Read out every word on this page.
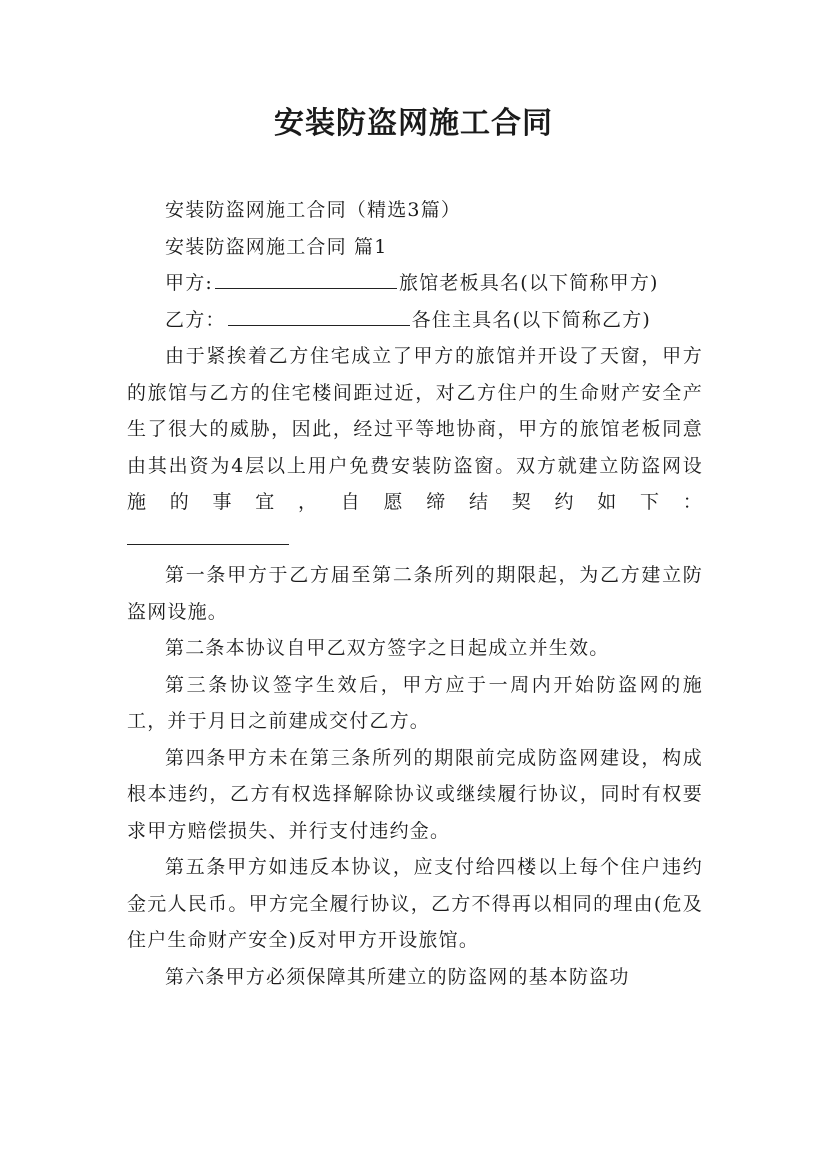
安装防盗网施工合同

安装防盗网施工合同（精选3篇）

安装防盗网施工合同 篇1

甲方:	旅馆老板具名(以下简称甲方)

乙方：	各住主具名(以下简称乙方)

由于紧挨着乙方住宅成立了甲方的旅馆并开设了天窗，甲方的旅馆与乙方的住宅楼间距过近，对乙方住户的生命财产安全产生了很大的威胁，因此，经过平等地协商，甲方的旅馆老板同意由其出资为4层以上用户免费安装防盗窗。双方就建立防盗网设施的事宜，自愿缔结契约如下：

第一条甲方于乙方届至第二条所列的期限起，为乙方建立防盗网设施。

第二条本协议自甲乙双方签字之日起成立并生效。

第三条协议签字生效后，甲方应于一周内开始防盗网的施工，并于月日之前建成交付乙方。

第四条甲方未在第三条所列的期限前完成防盗网建设，构成根本违约，乙方有权选择解除协议或继续履行协议，同时有权要求甲方赔偿损失、并行支付违约金。

第五条甲方如违反本协议，应支付给四楼以上每个住户违约金元人民币。甲方完全履行协议，乙方不得再以相同的理由(危及住户生命财产安全)反对甲方开设旅馆。

第六条甲方必须保障其所建立的防盗网的基本防盗功
